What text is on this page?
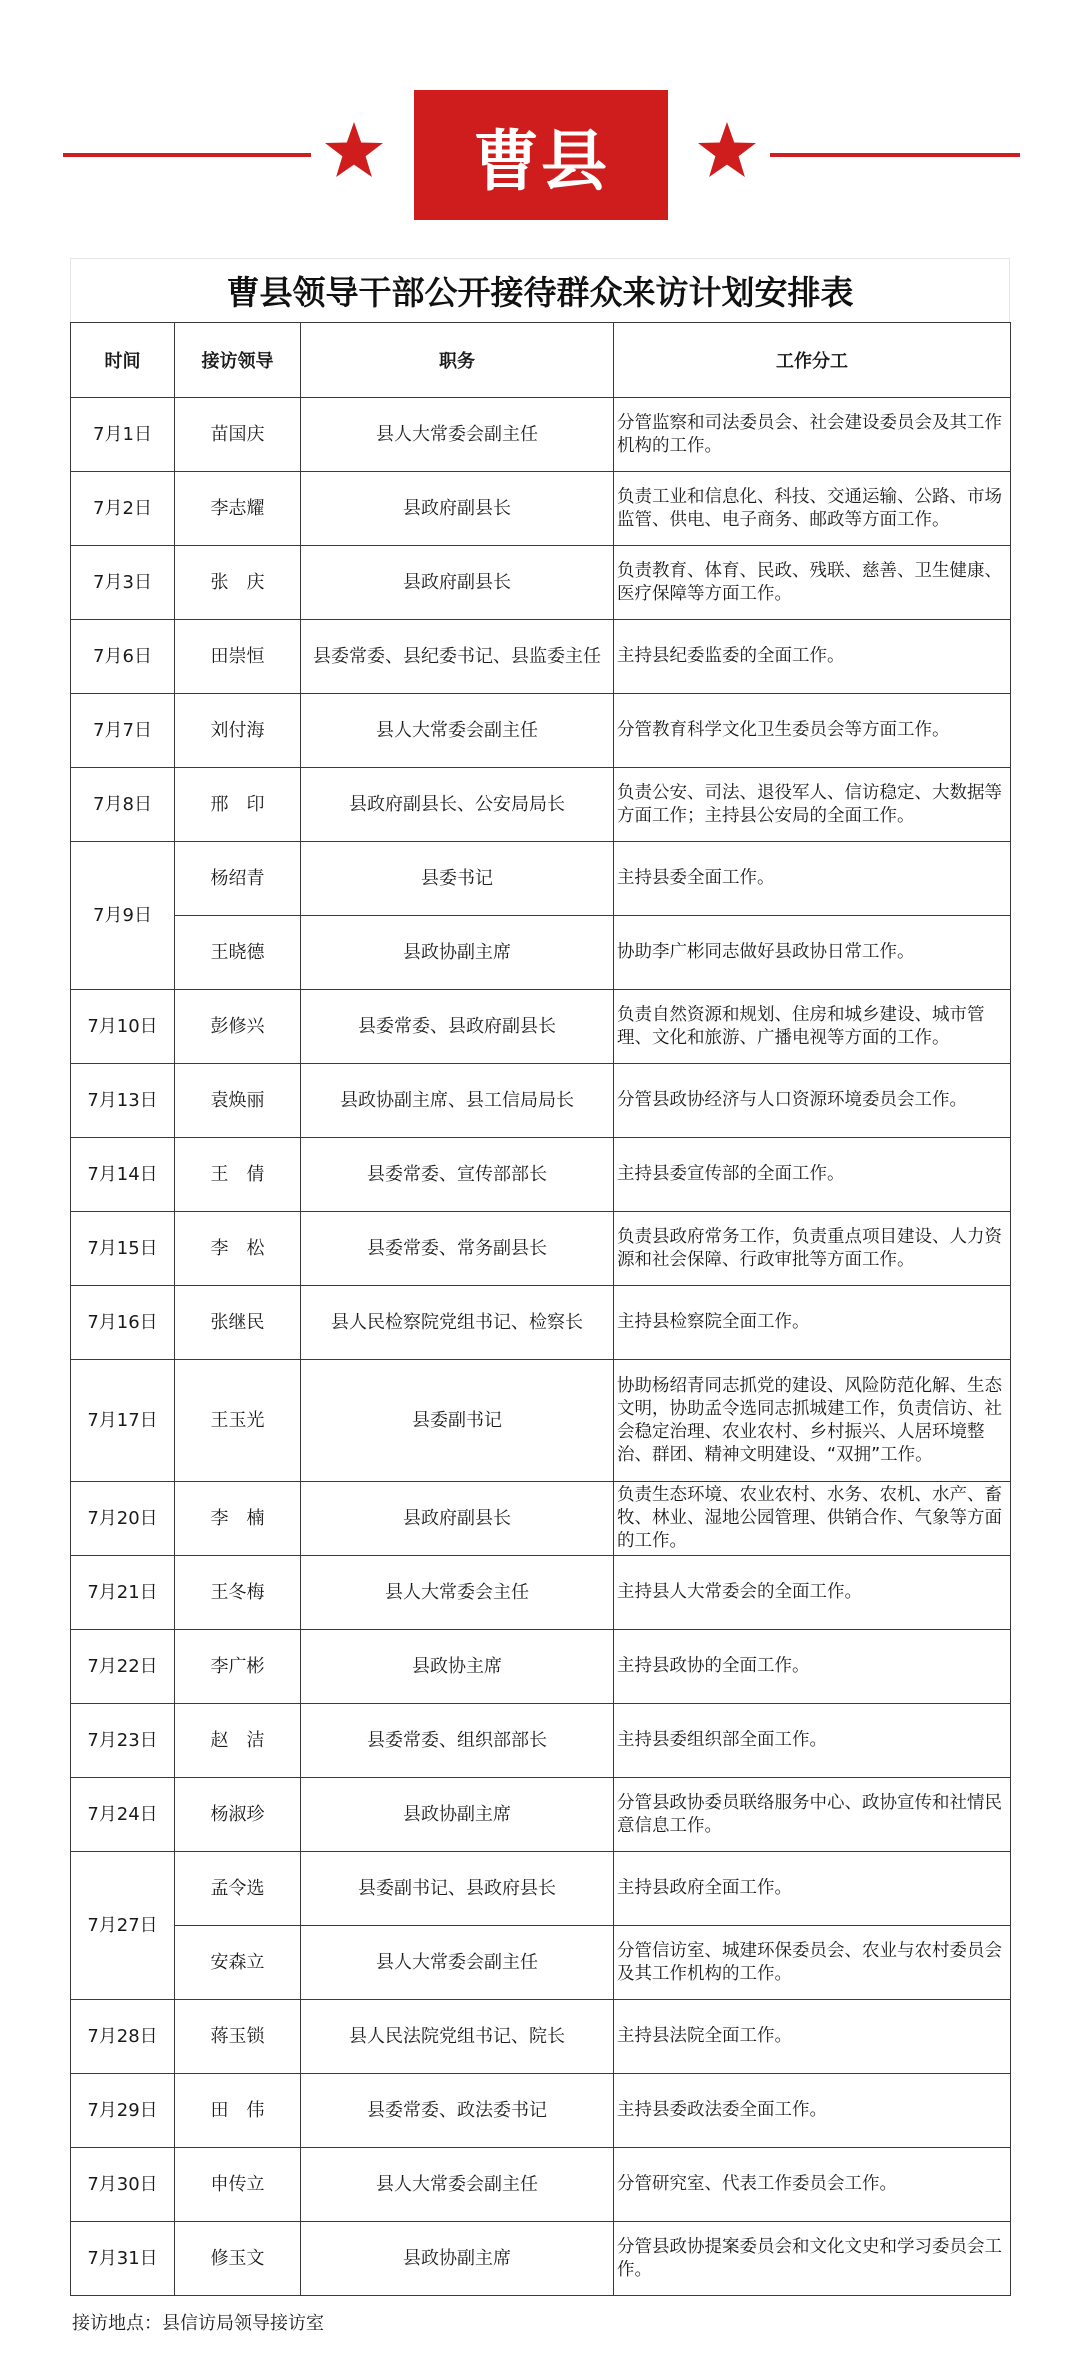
曹县
曹县领导干部公开接待群众来访计划安排表
时间	接访领导	职务	工作分工
7月1日	苗国庆	县人大常委会副主任	分管监察和司法委员会、社会建设委员会及其工作机构的工作。
7月2日	李志耀	县政府副县长	负责工业和信息化、科技、交通运输、公路、市场监管、供电、电子商务、邮政等方面工作。
7月3日	张　庆	县政府副县长	负责教育、体育、民政、残联、慈善、卫生健康、医疗保障等方面工作。
7月6日	田崇恒	县委常委、县纪委书记、县监委主任	主持县纪委监委的全面工作。
7月7日	刘付海	县人大常委会副主任	分管教育科学文化卫生委员会等方面工作。
7月8日	邢　印	县政府副县长、公安局局长	负责公安、司法、退役军人、信访稳定、大数据等方面工作；主持县公安局的全面工作。
7月9日	杨绍青	县委书记	主持县委全面工作。
	王晓德	县政协副主席	协助李广彬同志做好县政协日常工作。
7月10日	彭修兴	县委常委、县政府副县长	负责自然资源和规划、住房和城乡建设、城市管理、文化和旅游、广播电视等方面的工作。
7月13日	袁焕丽	县政协副主席、县工信局局长	分管县政协经济与人口资源环境委员会工作。
7月14日	王　倩	县委常委、宣传部部长	主持县委宣传部的全面工作。
7月15日	李　松	县委常委、常务副县长	负责县政府常务工作，负责重点项目建设、人力资源和社会保障、行政审批等方面工作。
7月16日	张继民	县人民检察院党组书记、检察长	主持县检察院全面工作。
7月17日	王玉光	县委副书记	协助杨绍青同志抓党的建设、风险防范化解、生态文明，协助孟令选同志抓城建工作，负责信访、社会稳定治理、农业农村、乡村振兴、人居环境整治、群团、精神文明建设、“双拥”工作。
7月20日	李　楠	县政府副县长	负责生态环境、农业农村、水务、农机、水产、畜牧、林业、湿地公园管理、供销合作、气象等方面的工作。
7月21日	王冬梅	县人大常委会主任	主持县人大常委会的全面工作。
7月22日	李广彬	县政协主席	主持县政协的全面工作。
7月23日	赵　洁	县委常委、组织部部长	主持县委组织部全面工作。
7月24日	杨淑珍	县政协副主席	分管县政协委员联络服务中心、政协宣传和社情民意信息工作。
7月27日	孟令选	县委副书记、县政府县长	主持县政府全面工作。
	安森立	县人大常委会副主任	分管信访室、城建环保委员会、农业与农村委员会及其工作机构的工作。
7月28日	蒋玉锁	县人民法院党组书记、院长	主持县法院全面工作。
7月29日	田　伟	县委常委、政法委书记	主持县委政法委全面工作。
7月30日	申传立	县人大常委会副主任	分管研究室、代表工作委员会工作。
7月31日	修玉文	县政协副主席	分管县政协提案委员会和文化文史和学习委员会工作。
接访地点：县信访局领导接访室
